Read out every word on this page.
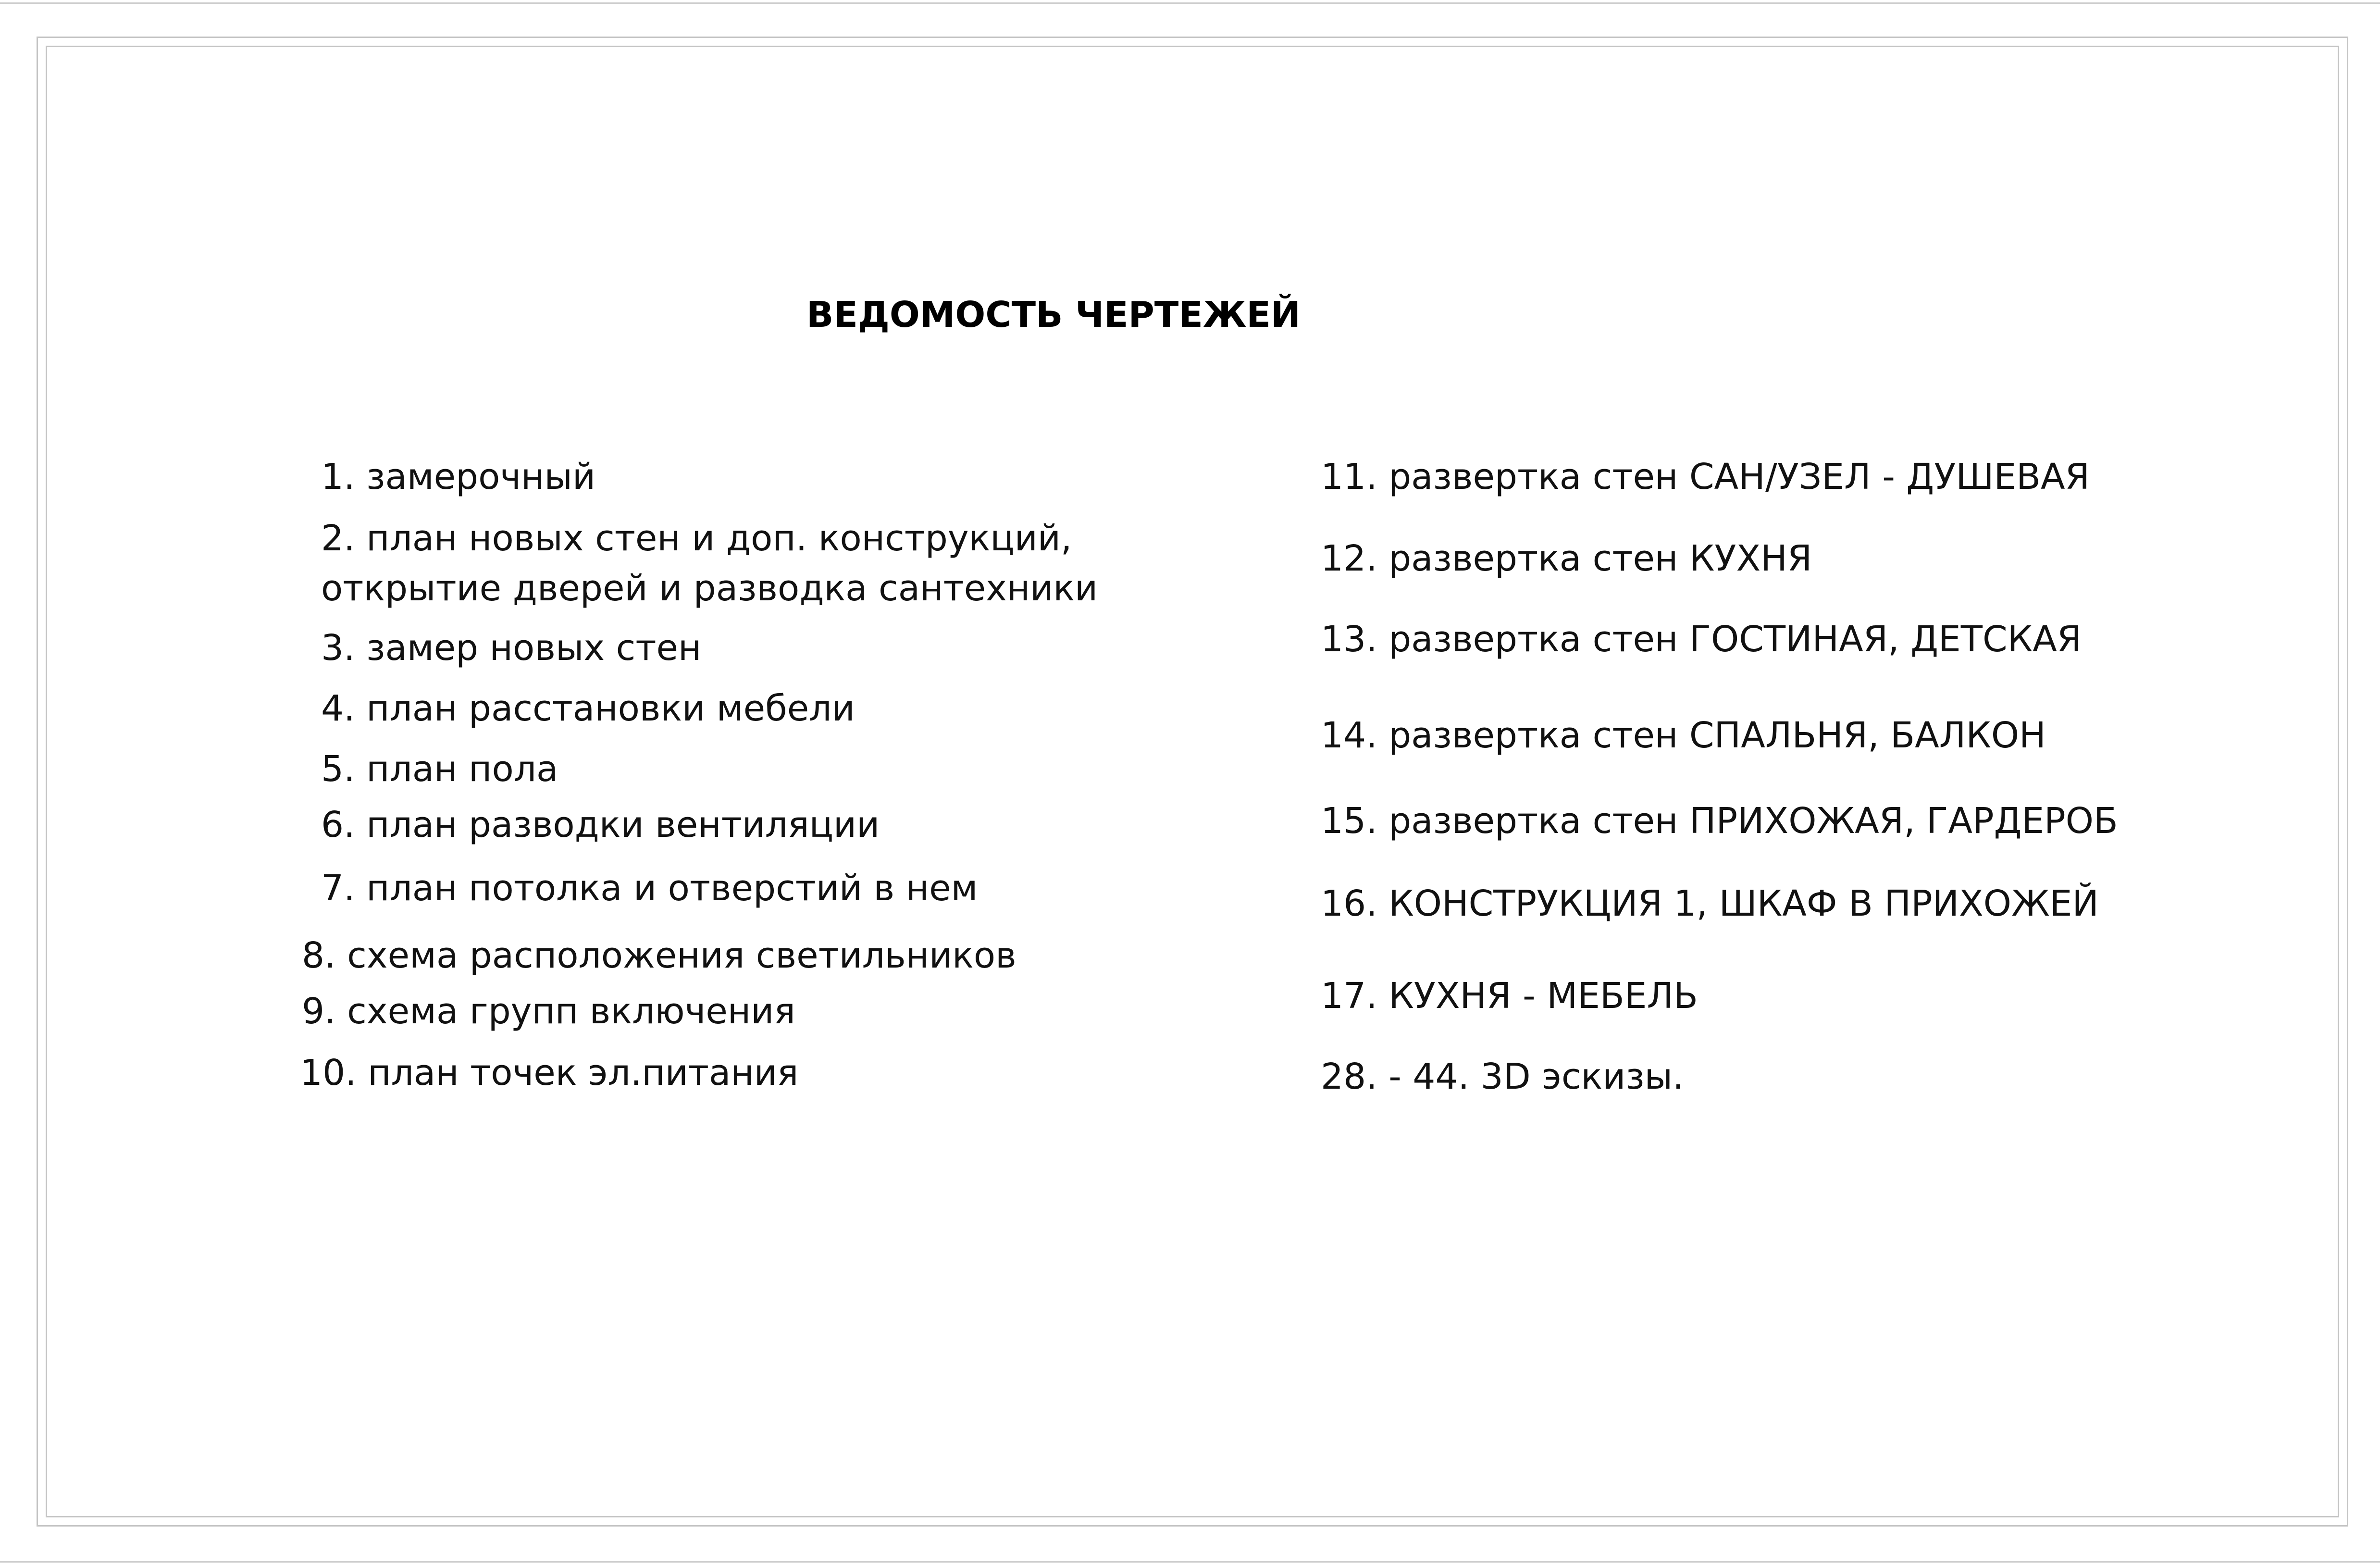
ВЕДОМОСТЬ ЧЕРТЕЖЕЙ
1. замерочный
2. план новых стен и доп. конструкций,
открытие дверей и разводка сантехники
3. замер новых стен
4. план расстановки мебели
5. план пола
6. план разводки вентиляции
7. план потолка и отверстий в нем
8. схема расположения светильников
9. схема групп включения
10. план точек эл.питания
11. развертка стен САН/УЗЕЛ - ДУШЕВАЯ
12. развертка стен КУХНЯ
13. развертка стен ГОСТИНАЯ, ДЕТСКАЯ
14. развертка стен СПАЛЬНЯ, БАЛКОН
15. развертка стен ПРИХОЖАЯ, ГАРДЕРОБ
16. КОНСТРУКЦИЯ 1, ШКАФ В ПРИХОЖЕЙ
17. КУХНЯ - МЕБЕЛЬ
28. - 44. 3D эскизы.
